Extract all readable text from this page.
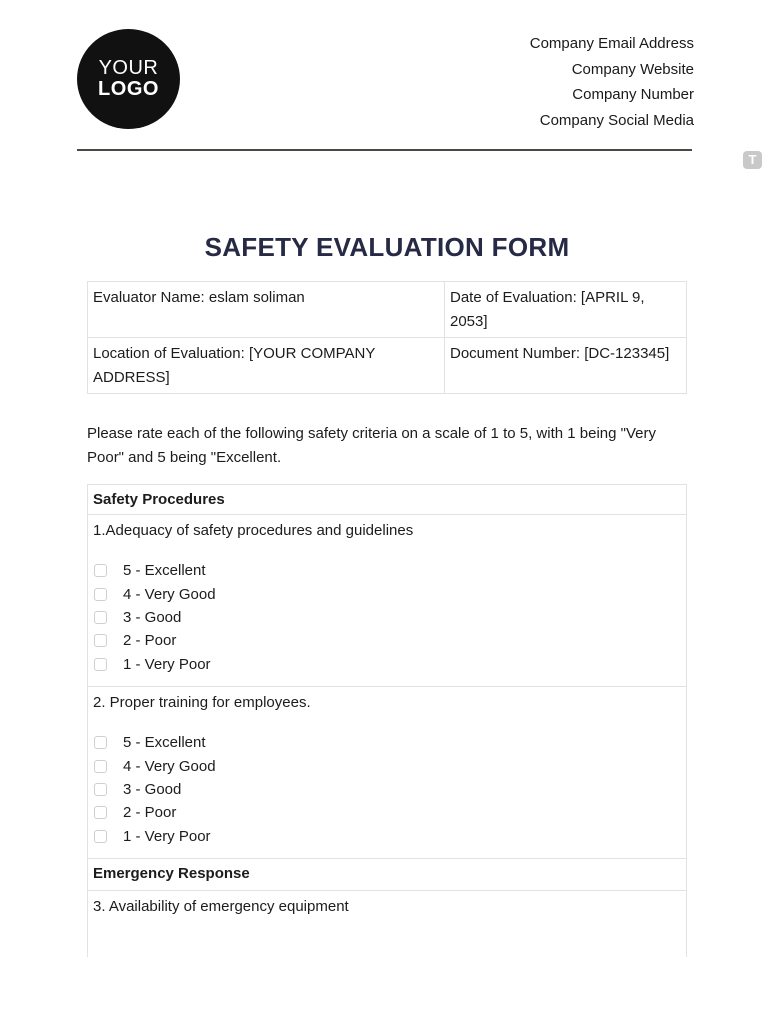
YOUR
LOGO
Company Email Address
Company Website
Company Number
Company Social Media
T
SAFETY EVALUATION FORM
Evaluator Name: eslam soliman	Date of Evaluation: [APRIL 9, 2053]
Location of Evaluation: [YOUR COMPANY ADDRESS]	Document Number: [DC-123345]
Please rate each of the following safety criteria on a scale of 1 to 5, with 1 being "Very Poor" and 5 being "Excellent.
Safety Procedures
1.Adequacy of safety procedures and guidelines
5 - Excellent
4 - Very Good
3 - Good
2 - Poor
1 - Very Poor
2. Proper training for employees.
5 - Excellent
4 - Very Good
3 - Good
2 - Poor
1 - Very Poor
Emergency Response
3. Availability of emergency equipment
